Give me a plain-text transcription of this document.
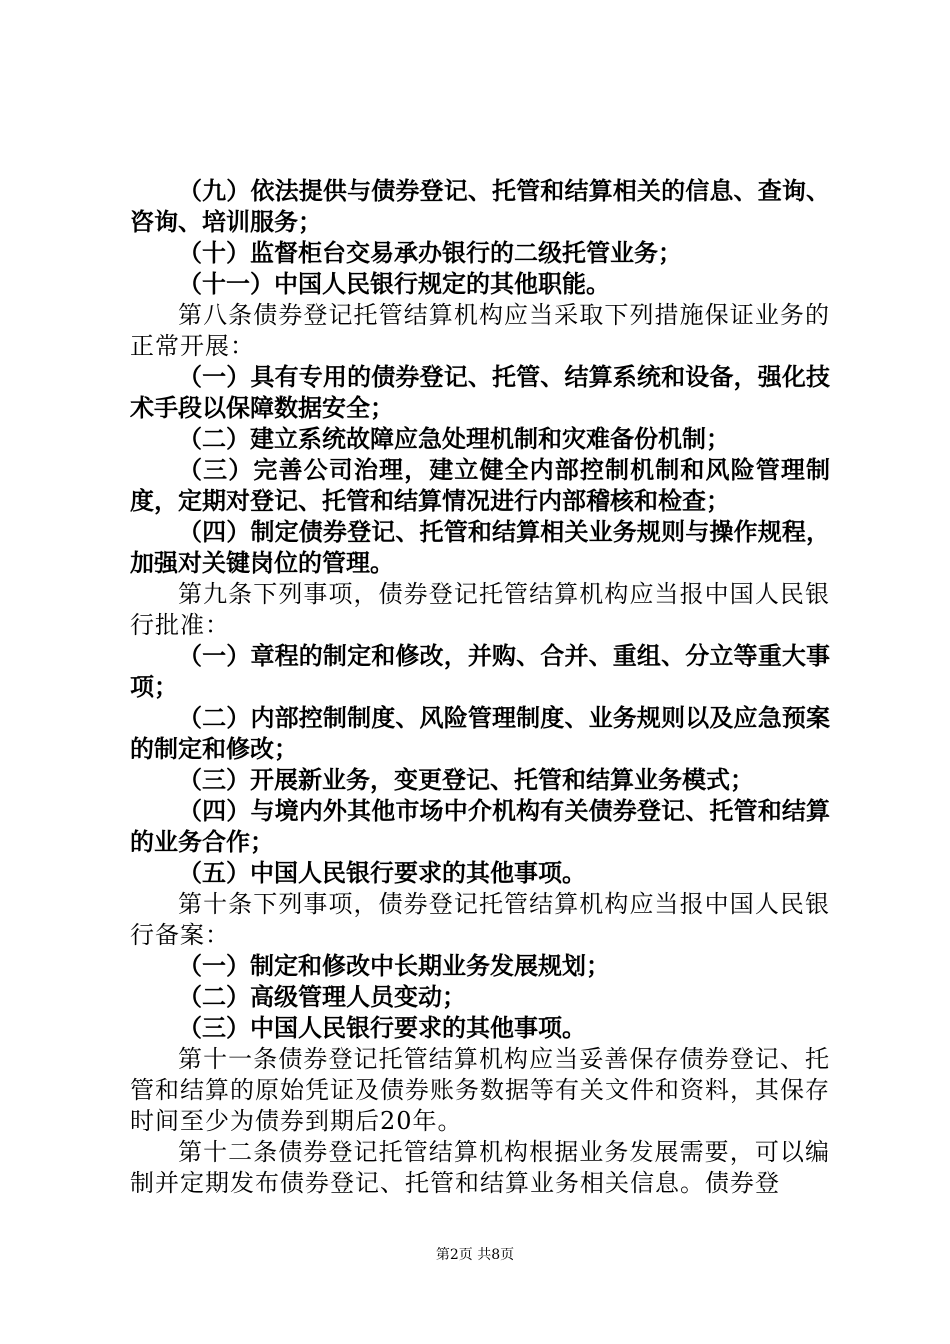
（九）依法提供与债券登记、托管和结算相关的信息、查询、咨询、培训服务；

（十）监督柜台交易承办银行的二级托管业务；

（十一）中国人民银行规定的其他职能。

第八条债券登记托管结算机构应当采取下列措施保证业务的正常开展：

（一）具有专用的债券登记、托管、结算系统和设备，强化技术手段以保障数据安全；

（二）建立系统故障应急处理机制和灾难备份机制；

（三）完善公司治理，建立健全内部控制机制和风险管理制度，定期对登记、托管和结算情况进行内部稽核和检查；

（四）制定债券登记、托管和结算相关业务规则与操作规程，加强对关键岗位的管理。

第九条下列事项，债券登记托管结算机构应当报中国人民银行批准：

（一）章程的制定和修改，并购、合并、重组、分立等重大事项；

（二）内部控制制度、风险管理制度、业务规则以及应急预案的制定和修改；

（三）开展新业务，变更登记、托管和结算业务模式；

（四）与境内外其他市场中介机构有关债券登记、托管和结算的业务合作；

（五）中国人民银行要求的其他事项。

第十条下列事项，债券登记托管结算机构应当报中国人民银行备案：

（一）制定和修改中长期业务发展规划；

（二）高级管理人员变动；

（三）中国人民银行要求的其他事项。

第十一条债券登记托管结算机构应当妥善保存债券登记、托管和结算的原始凭证及债券账务数据等有关文件和资料，其保存时间至少为债券到期后20年。

第十二条债券登记托管结算机构根据业务发展需要，可以编制并定期发布债券登记、托管和结算业务相关信息。债券登

第2页 共8页
